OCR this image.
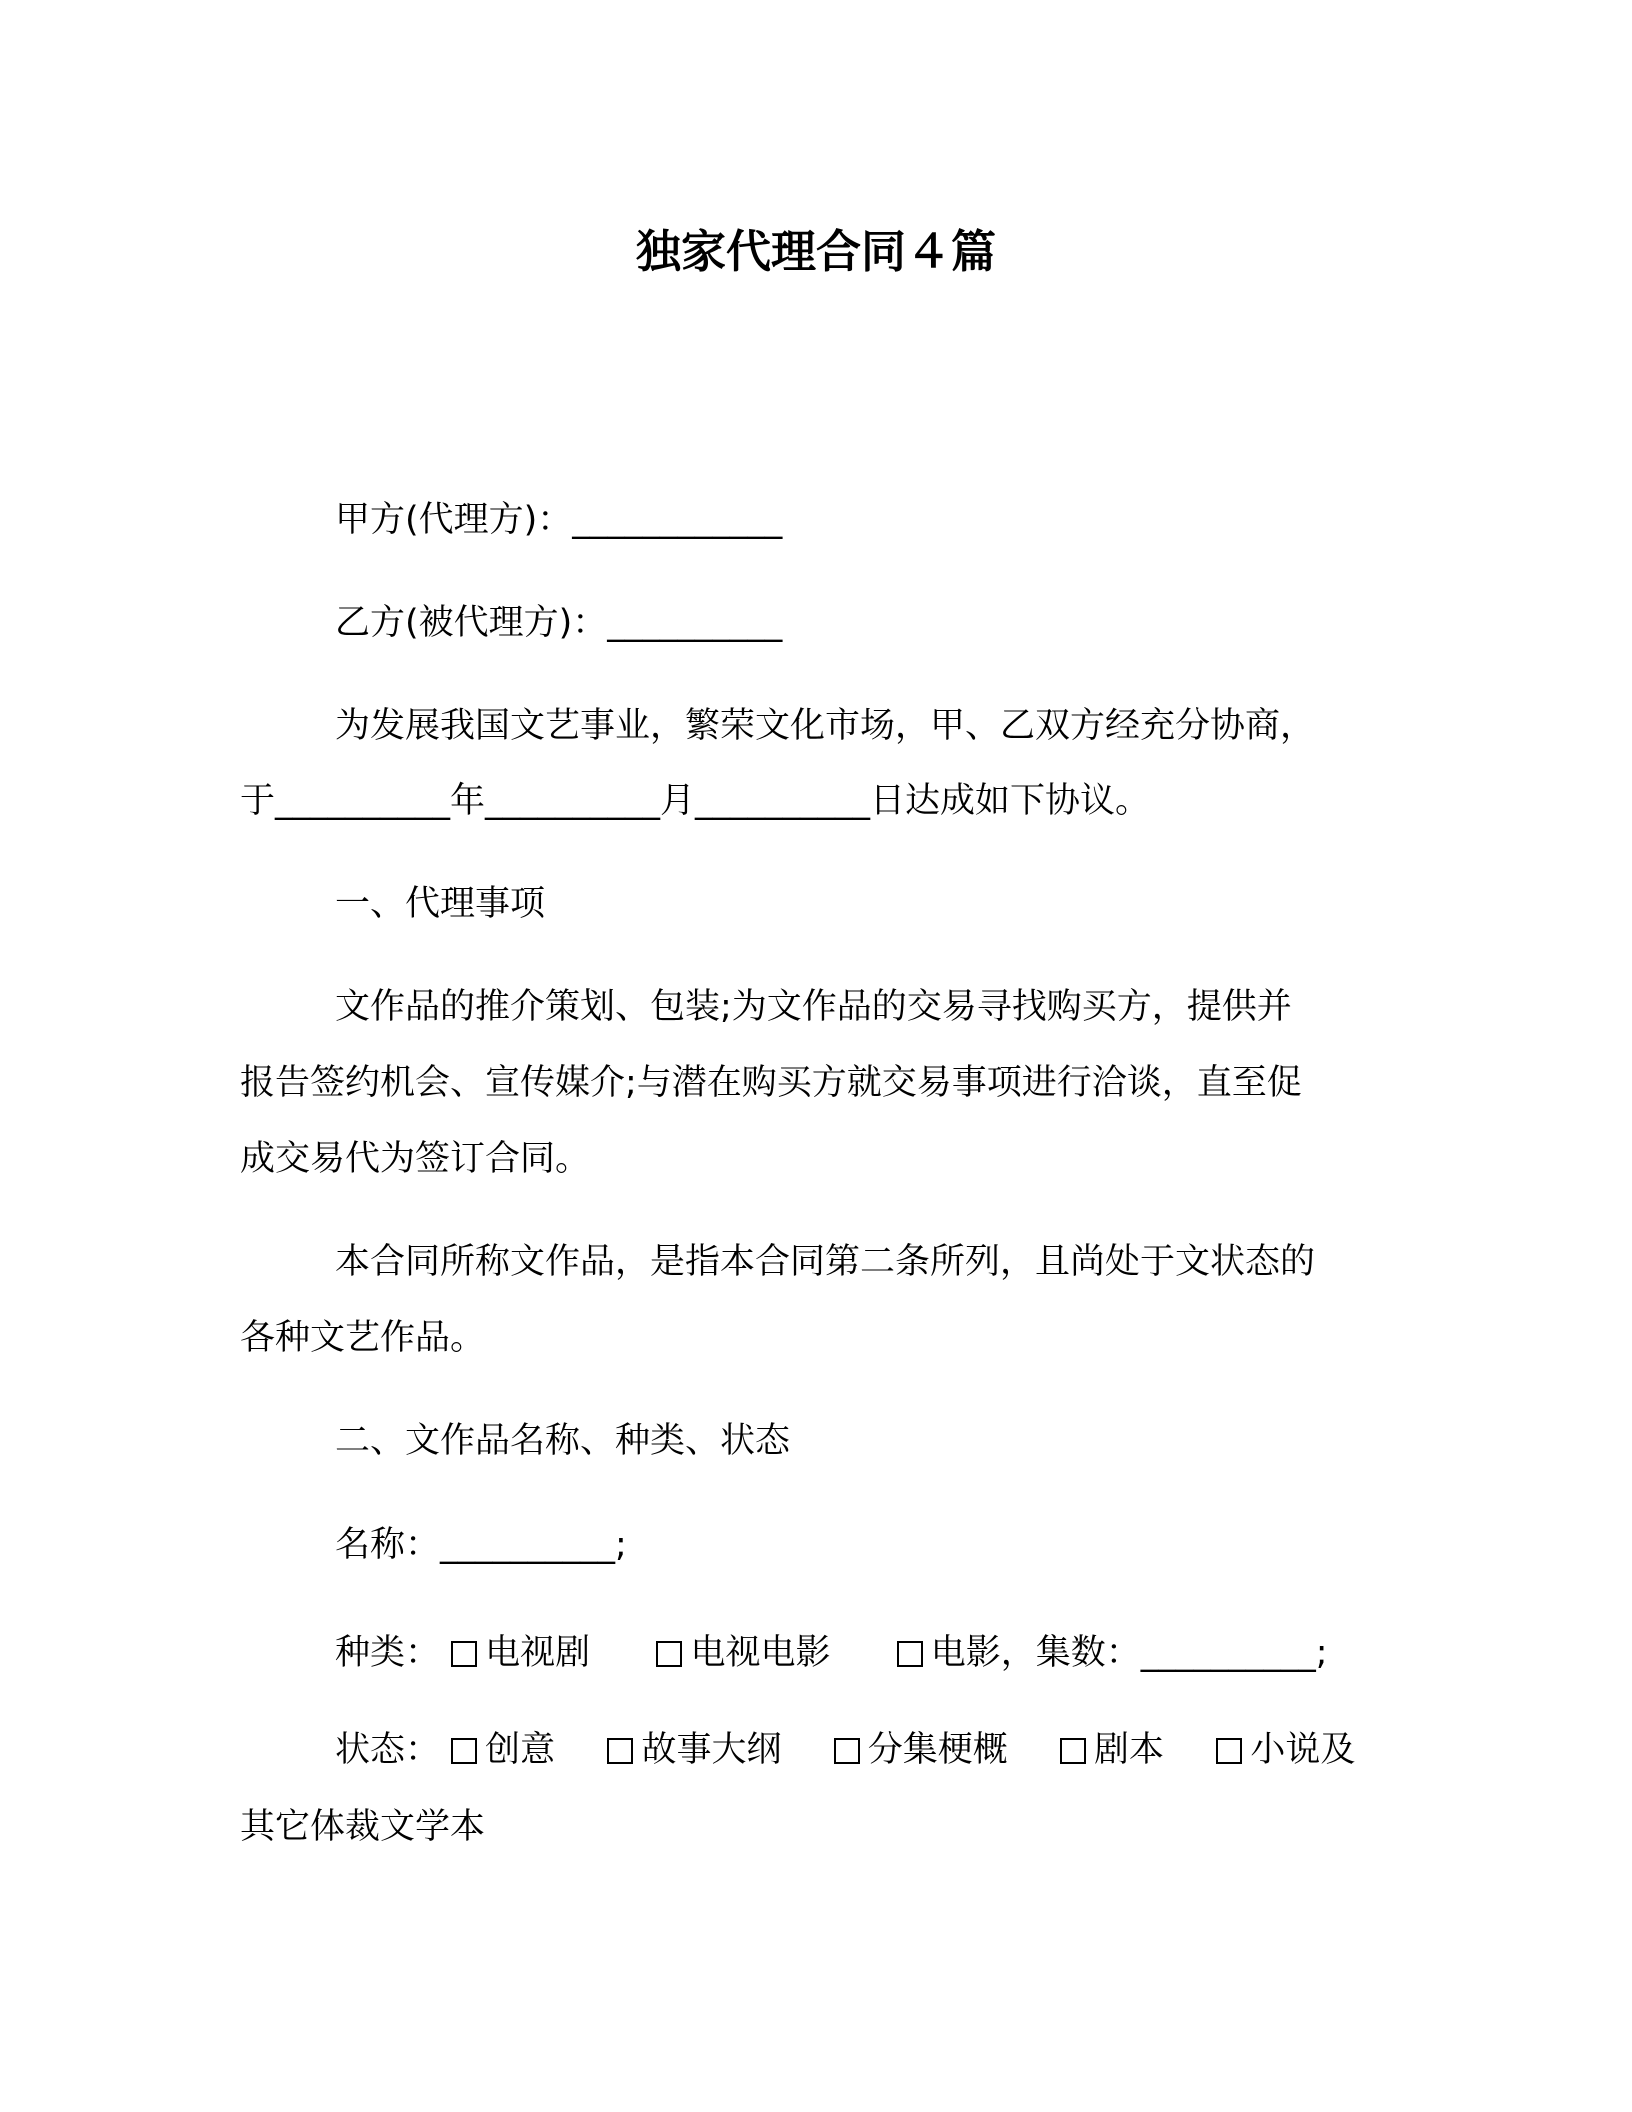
独家代理合同４篇
甲方(代理方)：____________
乙方(被代理方)：__________
为发展我国文艺事业，繁荣文化市场，甲、乙双方经充分协商，
于__________年__________月__________日达成如下协议。
一、代理事项
文作品的推介策划、包装;为文作品的交易寻找购买方，提供并
报告签约机会、宣传媒介;与潜在购买方就交易事项进行洽谈，直至促
成交易代为签订合同。
本合同所称文作品，是指本合同第二条所列，且尚处于文状态的
各种文艺作品。
二、文作品名称、种类、状态
名称：__________;
种类： 电视剧	电视电影	电影，集数：__________;
状态： 创意 故事大纲 分集梗概 剧本 小说及
其它体裁文学本
